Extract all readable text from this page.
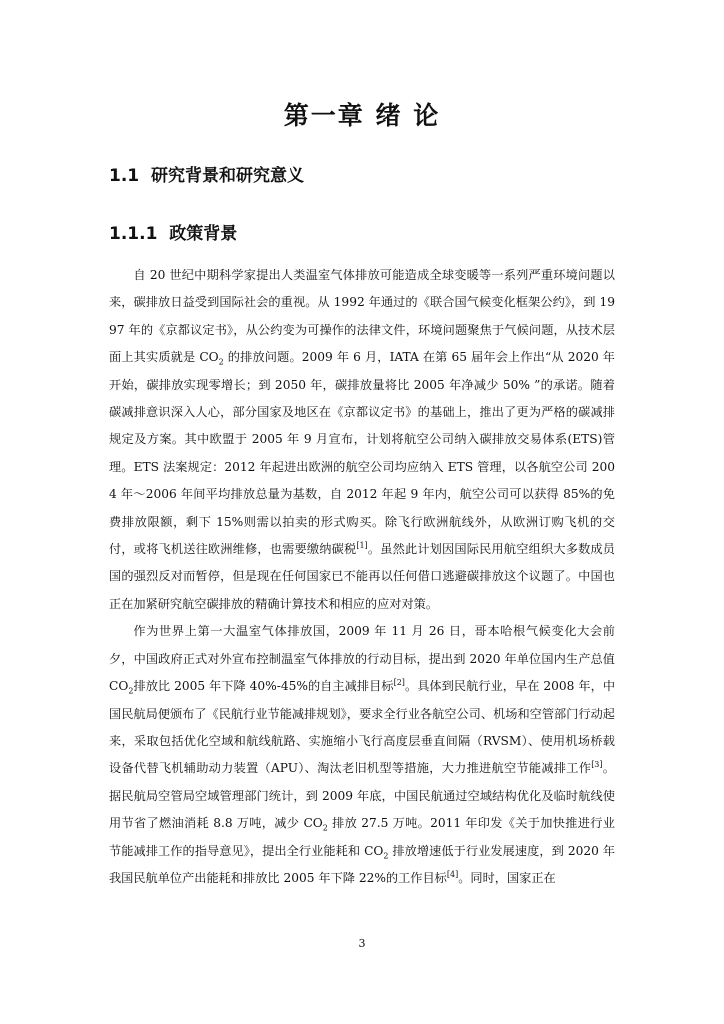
第一章 绪 论
1.1 研究背景和研究意义
1.1.1 政策背景

自 20 世纪中期科学家提出人类温室气体排放可能造成全球变暖等一系列严重环境问题以来，碳排放日益受到国际社会的重视。从 1992 年通过的《联合国气候变化框架公约》，到 1997 年的《京都议定书》，从公约变为可操作的法律文件，环境问题聚焦于气候问题，从技术层面上其实质就是 $CO_2$ 的排放问题。2009 年 6 月，IATA 在第 65 届年会上作出“从 2020 年开始，碳排放实现零增长；到 2050 年，碳排放量将比 2005 年净减少 50% ”的承诺。随着碳减排意识深入人心，部分国家及地区在《京都议定书》的基础上，推出了更为严格的碳减排规定及方案。其中欧盟于 2005 年 9 月宣布，计划将航空公司纳入碳排放交易体系(ETS)管理。ETS 法案规定：2012 年起进出欧洲的航空公司均应纳入 ETS 管理，以各航空公司 2004 年～2006 年间平均排放总量为基数，自 2012 年起 9 年内，航空公司可以获得 85%的免费排放限额，剩下 15%则需以拍卖的形式购买。除飞行欧洲航线外，从欧洲订购飞机的交付，或将飞机送往欧洲维修，也需要缴纳碳税[1]。虽然此计划因国际民用航空组织大多数成员国的强烈反对而暂停，但是现在任何国家已不能再以任何借口逃避碳排放这个议题了。中国也正在加紧研究航空碳排放的精确计算技术和相应的应对对策。

作为世界上第一大温室气体排放国，2009 年 11 月 26 日，哥本哈根气候变化大会前夕，中国政府正式对外宣布控制温室气体排放的行动目标，提出到 2020 年单位国内生产总值 $CO_2$排放比 2005 年下降 40%-45%的自主减排目标[2]。具体到民航行业，早在 2008 年，中国民航局便颁布了《民航行业节能减排规划》，要求全行业各航空公司、机场和空管部门行动起来，采取包括优化空域和航线航路、实施缩小飞行高度层垂直间隔（RVSM）、使用机场桥载设备代替飞机辅助动力装置（APU）、淘汰老旧机型等措施，大力推进航空节能减排工作[3]。据民航局空管局空域管理部门统计，到 2009 年底，中国民航通过空域结构优化及临时航线使用节省了燃油消耗 8.8 万吨，减少 $CO_2$ 排放 27.5 万吨。2011 年印发《关于加快推进行业节能减排工作的指导意见》，提出全行业能耗和 $CO_2$ 排放增速低于行业发展速度，到 2020 年我国民航单位产出能耗和排放比 2005 年下降 22%的工作目标[4]。同时，国家正在

3
